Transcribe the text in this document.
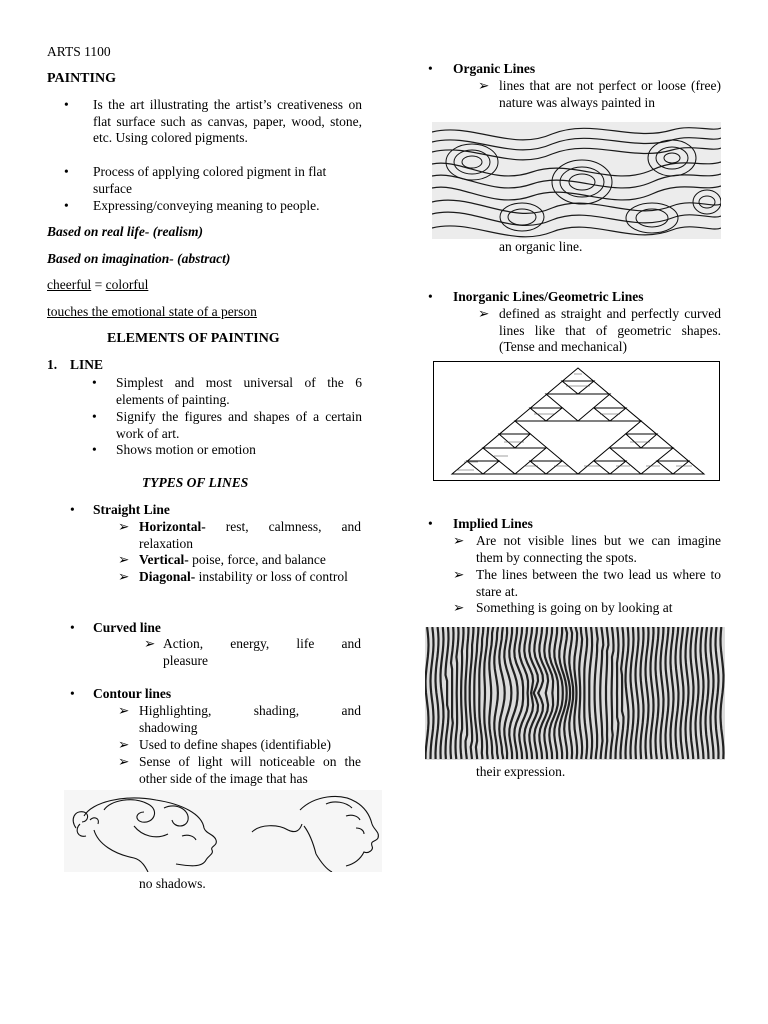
ARTS 1100
PAINTING
• Is the art illustrating the artist’s creativeness on flat surface such as canvas, paper, wood, stone, etc. Using colored pigments.
• Process of applying colored pigment in flat surface
• Expressing/conveying meaning to people.
Based on real life- (realism)
Based on imagination- (abstract)
cheerful = colorful
touches the emotional state of a person
ELEMENTS OF PAINTING
1. LINE
• Simplest and most universal of the 6 elements of painting.
• Signify the figures and shapes of a certain work of art.
• Shows motion or emotion
TYPES OF LINES
• Straight Line
➢ Horizontal- rest, calmness, and relaxation
➢ Vertical- poise, force, and balance
➢ Diagonal- instability or loss of control
• Curved line
➢ Action, energy, life and pleasure
• Contour lines
➢ Highlighting, shading, and shadowing
➢ Used to define shapes (identifiable)
➢ Sense of light will noticeable on the other side of the image that has
no shadows.
• Organic Lines
➢ lines that are not perfect or loose (free) nature was always painted in
an organic line.
• Inorganic Lines/Geometric Lines
➢ defined as straight and perfectly curved lines like that of geometric shapes. (Tense and mechanical)
• Implied Lines
➢ Are not visible lines but we can imagine them by connecting the spots.
➢ The lines between the two lead us where to stare at.
➢ Something is going on by looking at
their expression.
